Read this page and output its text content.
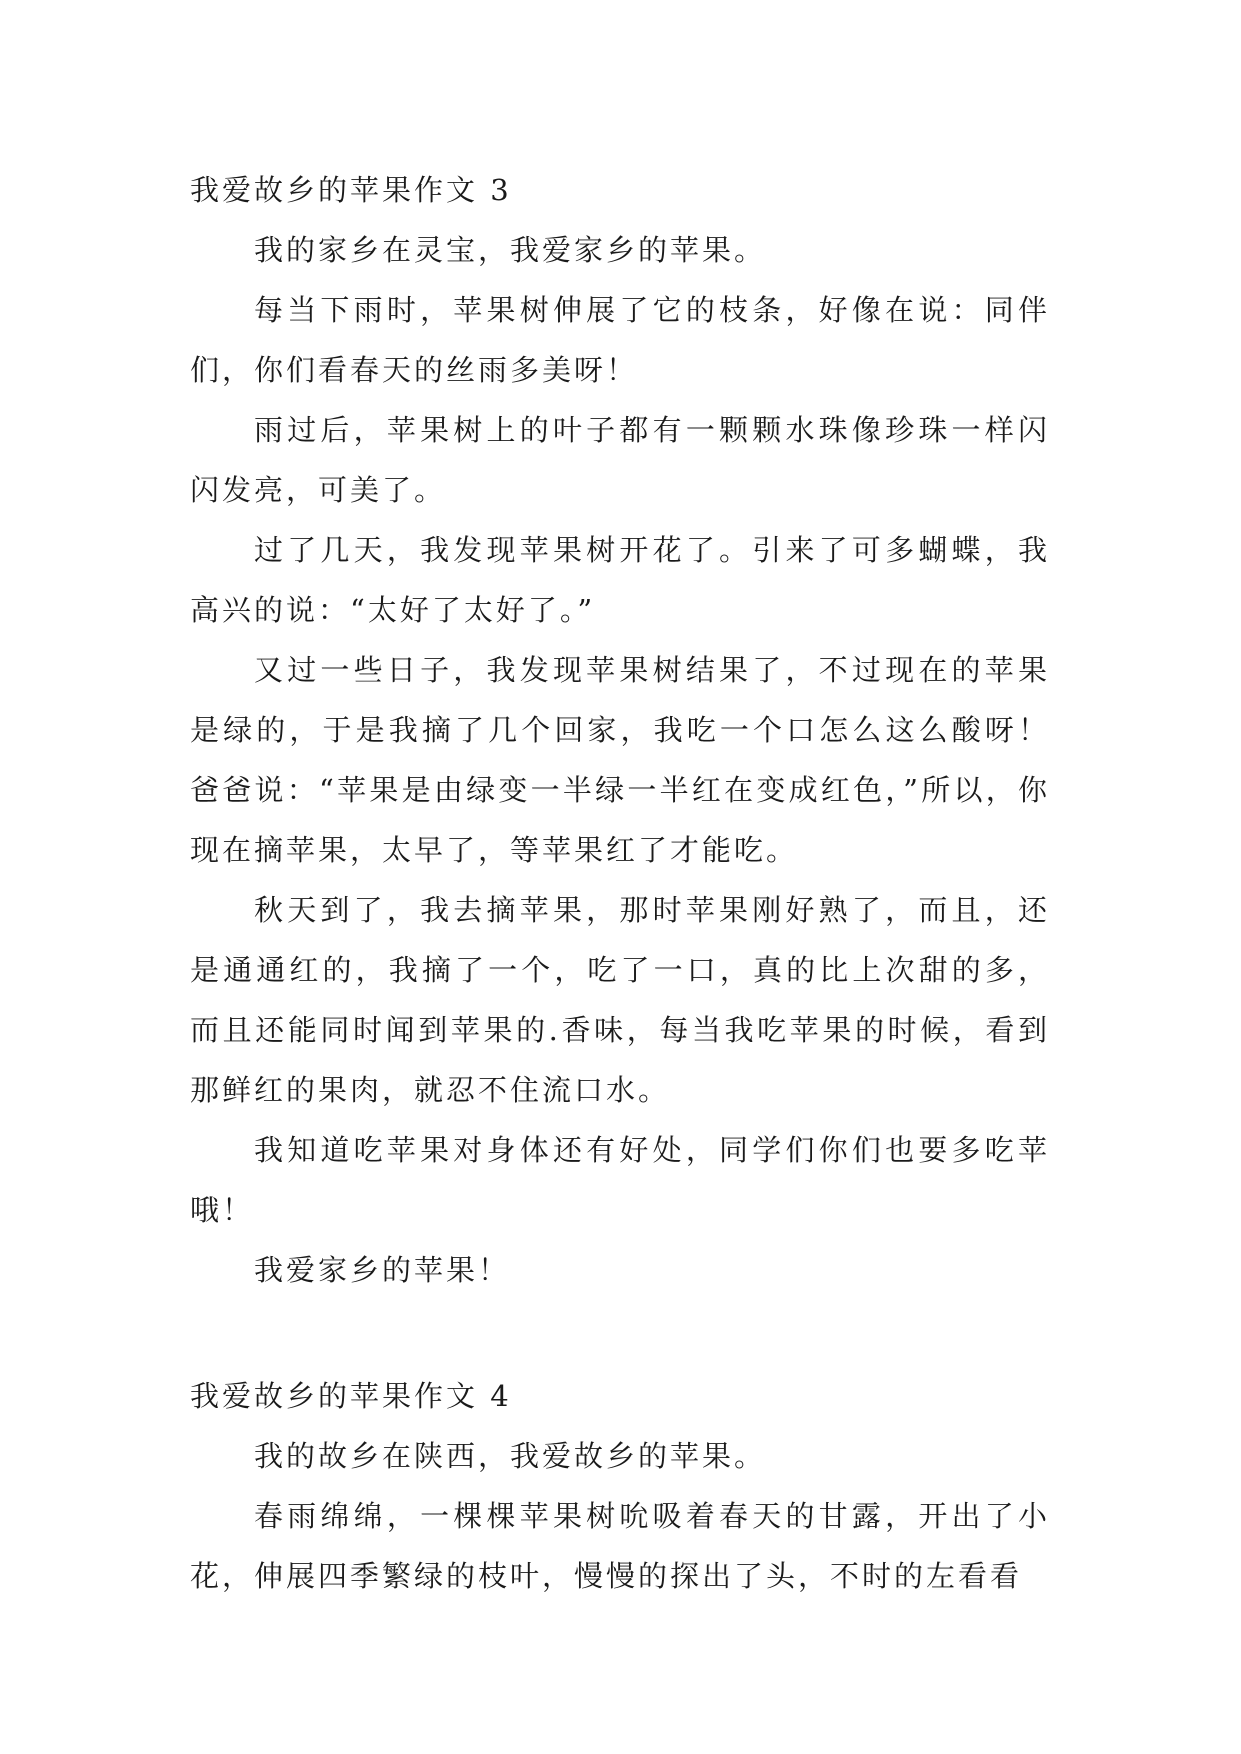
我爱故乡的苹果作文 3

我的家乡在灵宝，我爱家乡的苹果。

每当下雨时，苹果树伸展了它的枝条，好像在说：同伴们，你们看春天的丝雨多美呀！

雨过后，苹果树上的叶子都有一颗颗水珠像珍珠一样闪闪发亮，可美了。

过了几天，我发现苹果树开花了。引来了可多蝴蝶，我高兴的说：“太好了太好了。”

又过一些日子，我发现苹果树结果了，不过现在的苹果是绿的，于是我摘了几个回家，我吃一个口怎么这么酸呀！爸爸说：“苹果是由绿变一半绿一半红在变成红色，”所以，你现在摘苹果，太早了，等苹果红了才能吃。

秋天到了，我去摘苹果，那时苹果刚好熟了，而且，还是通通红的，我摘了一个，吃了一口，真的比上次甜的多，而且还能同时闻到苹果的.香味，每当我吃苹果的时候，看到那鲜红的果肉，就忍不住流口水。

我知道吃苹果对身体还有好处，同学们你们也要多吃苹哦！

我爱家乡的苹果！

我爱故乡的苹果作文 4

我的故乡在陕西，我爱故乡的苹果。

春雨绵绵，一棵棵苹果树吮吸着春天的甘露，开出了小花，伸展四季繁绿的枝叶，慢慢的探出了头，不时的左看看
